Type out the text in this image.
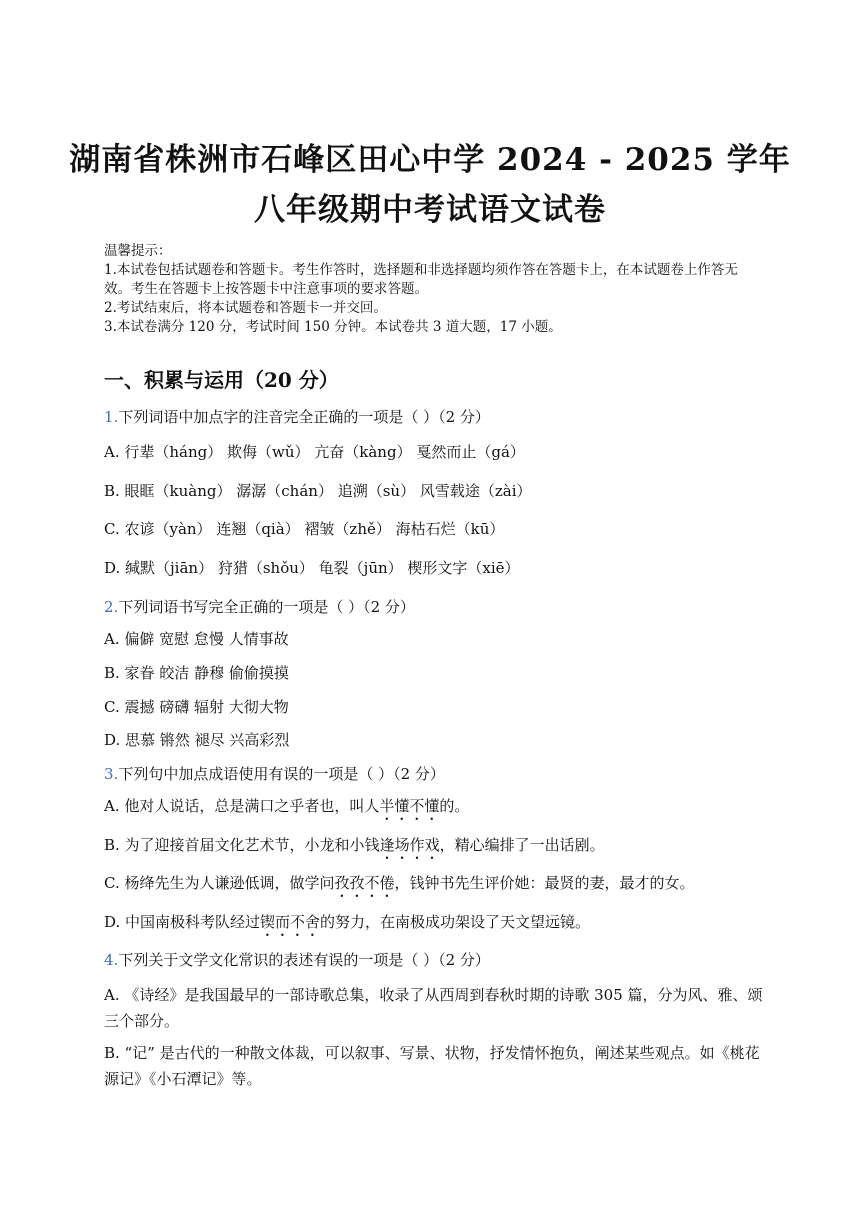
湖南省株洲市石峰区田心中学 2024 - 2025 学年
八年级期中考试语文试卷

温馨提示：

1.本试卷包括试题卷和答题卡。考生作答时，选择题和非选择题均须作答在答题卡上，在本试题卷上作答无效。考生在答题卡上按答题卡中注意事项的要求答题。

2.考试结束后，将本试题卷和答题卡一并交回。

3.本试卷满分 120 分，考试时间 150 分钟。本试卷共 3 道大题，17 小题。

一、积累与运用（20 分）
1.下列词语中加点字的注音完全正确的一项是（ ）（2 分）
A. 行辈（háng） 欺侮（wǔ） 亢奋（kàng） 戛然而止（gá）
B. 眼眶（kuàng） 潺潺（chán） 追溯（sù） 风雪载途（zài）
C. 农谚（yàn） 连翘（qià） 褶皱（zhě） 海枯石烂（kū）
D. 缄默（jiān） 狩猎（shǒu） 龟裂（jūn） 楔形文字（xiē）
2.下列词语书写完全正确的一项是（ ）（2 分）
A. 偏僻 宽慰 怠慢 人情事故
B. 家眷 皎洁 静穆 偷偷摸摸
C. 震撼 磅礴 辐射 大彻大物
D. 思慕 锵然 褪尽 兴高彩烈
3.下列句中加点成语使用有误的一项是（ ）（2 分）
A. 他对人说话，总是满口之乎者也，叫人半懂不懂的。
B. 为了迎接首届文化艺术节，小龙和小钱逢场作戏，精心编排了一出话剧。
C. 杨绛先生为人谦逊低调，做学问孜孜不倦，钱钟书先生评价她：最贤的妻，最才的女。
D. 中国南极科考队经过锲而不舍的努力，在南极成功架设了天文望远镜。
4.下列关于文学文化常识的表述有误的一项是（ ）（2 分）
A. 《诗经》是我国最早的一部诗歌总集，收录了从西周到春秋时期的诗歌 305 篇，分为风、雅、颂三个部分。
B. “记” 是古代的一种散文体裁，可以叙事、写景、状物，抒发情怀抱负，阐述某些观点。如《桃花源记》《小石潭记》等。
